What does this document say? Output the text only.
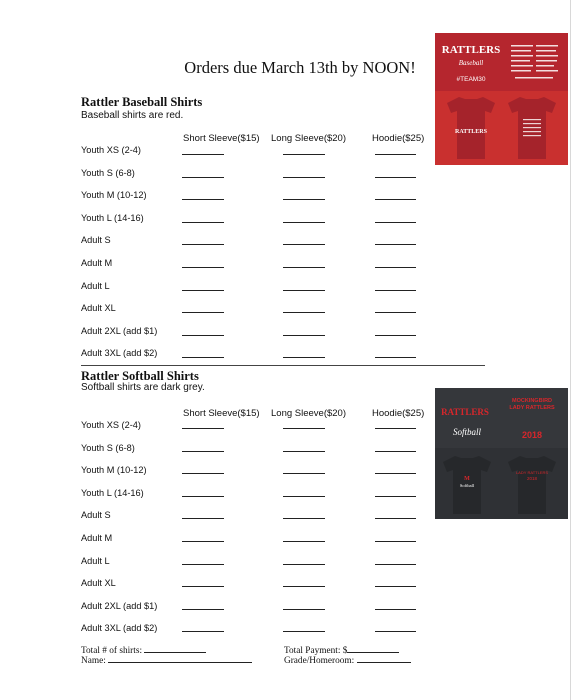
Orders due March 13th by NOON!
RATTLERS
Baseball
#TEAM30
RATTLERS
RATTLERS
Softball
MOCKINGBIRD
LADY RATTLERS
2018
M
Softball
LADY RATTLERS
2018
Rattler Baseball Shirts
Baseball shirts are red.
Short Sleeve($15) Long Sleeve($20)	Hoodie($25)
Youth XS (2-4)
Youth S (6-8)
Youth M (10-12)
Youth L (14-16)
Adult S
Adult M
Adult L
Adult XL
Adult 2XL (add $1)
Adult 3XL (add $2)
Rattler Softball Shirts
Softball shirts are dark grey.
Short Sleeve($15) Long Sleeve($20)	Hoodie($25)
Youth XS (2-4)
Youth S (6-8)
Youth M (10-12)
Youth L (14-16)
Adult S
Adult M
Adult L
Adult XL
Adult 2XL (add $1)
Adult 3XL (add $2)
Total # of shirts:
Name:
Total Payment: $
Grade/Homeroom:
